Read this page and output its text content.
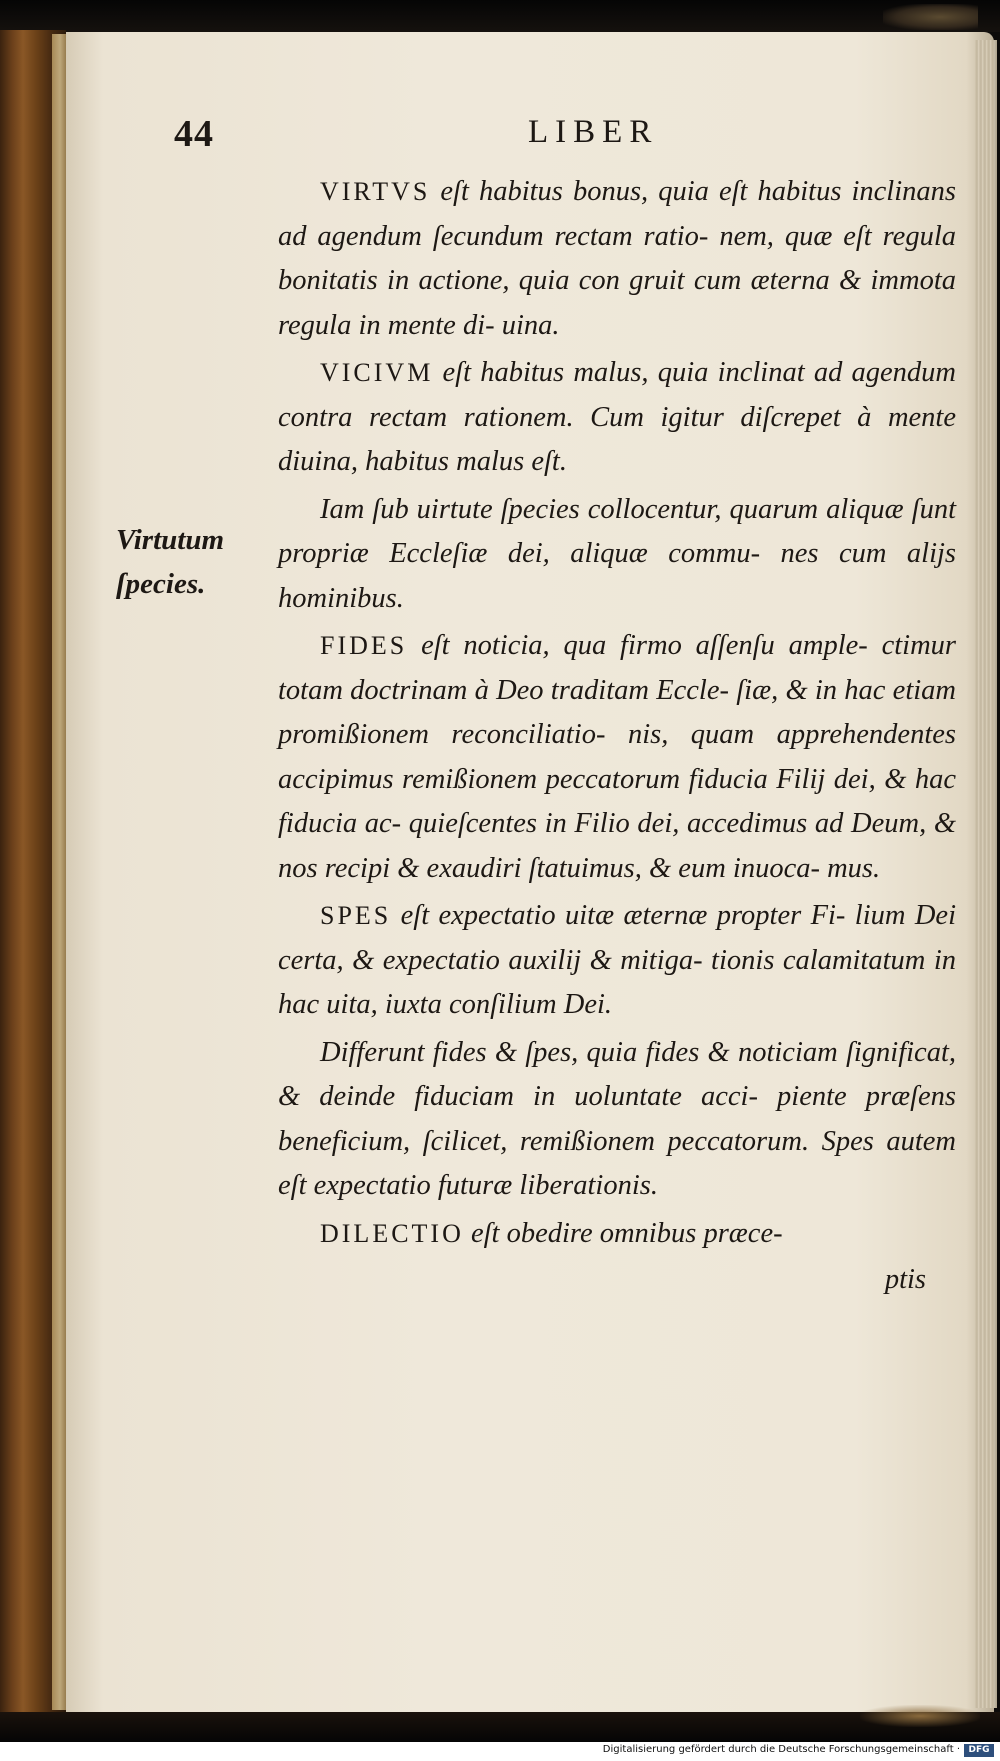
44	LIBER
Virtutum
ſpecies.

VIRTVS eſt habitus bonus, quia eſt habitus inclinans ad agendum ſecundum rectam ratio- nem, quæ eſt regula bonitatis in actione, quia con gruit cum æterna & immota regula in mente di- uina.

VICIVM eſt habitus malus, quia inclinat ad agendum contra rectam rationem. Cum igitur diſcrepet à mente diuina, habitus malus eſt.

Iam ſub uirtute ſpecies collocentur, quarum aliquæ ſunt propriæ Eccleſiæ dei, aliquæ commu- nes cum alijs hominibus.

FIDES eſt noticia, qua firmo aſſenſu ample- ctimur totam doctrinam à Deo traditam Eccle- ſiæ, & in hac etiam promißionem reconciliatio- nis, quam apprehendentes accipimus remißionem peccatorum fiducia Filij dei, & hac fiducia ac- quieſcentes in Filio dei, accedimus ad Deum, & nos recipi & exaudiri ſtatuimus, & eum inuoca- mus.

SPES eſt expectatio uitæ æternæ propter Fi- lium Dei certa, & expectatio auxilij & mitiga- tionis calamitatum in hac uita, iuxta conſilium Dei.

Differunt fides & ſpes, quia fides & noticiam ſignificat, & deinde fiduciam in uoluntate acci- piente præſens beneficium, ſcilicet, remißionem peccatorum. Spes autem eſt expectatio futuræ liberationis.

DILECTIO eſt obedire omnibus præce-

ptis
Digitalisierung gefördert durch die Deutsche Forschungsgemeinschaft · DFG
